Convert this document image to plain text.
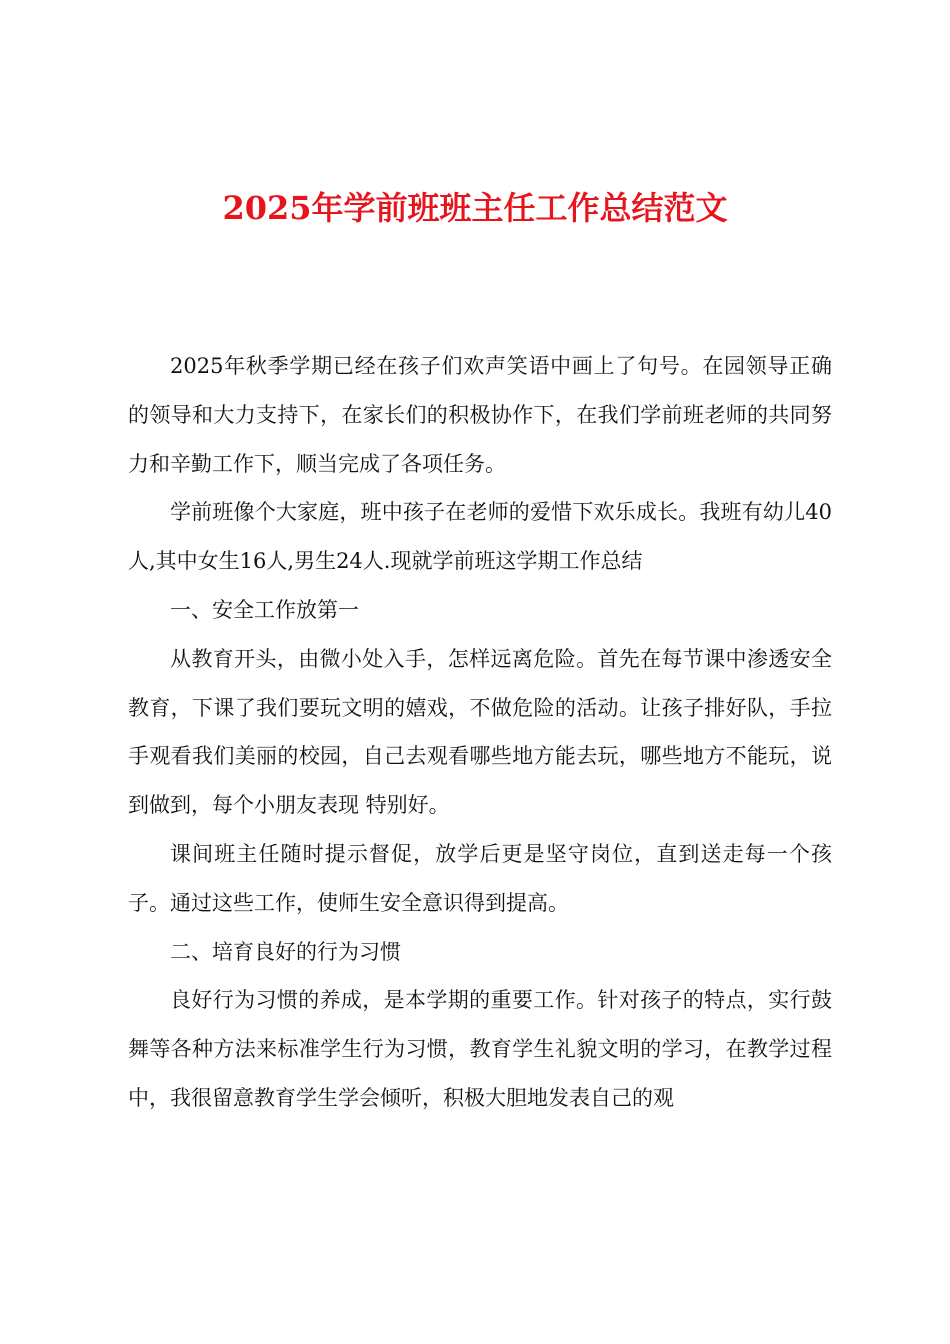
2025年学前班班主任工作总结范文

2025年秋季学期已经在孩子们欢声笑语中画上了句号。在园领导正确的领导和大力支持下，在家长们的积极协作下，在我们学前班老师的共同努力和辛勤工作下，顺当完成了各项任务。

学前班像个大家庭，班中孩子在老师的爱惜下欢乐成长。我班有幼儿40人,其中女生16人,男生24人.现就学前班这学期工作总结

一、安全工作放第一

从教育开头，由微小处入手，怎样远离危险。首先在每节课中渗透安全教育，下课了我们要玩文明的嬉戏，不做危险的活动。让孩子排好队，手拉手观看我们美丽的校园，自己去观看哪些地方能去玩，哪些地方不能玩，说到做到，每个小朋友表现 特别好。

课间班主任随时提示督促，放学后更是坚守岗位，直到送走每一个孩子。通过这些工作，使师生安全意识得到提高。

二、培育良好的行为习惯

良好行为习惯的养成，是本学期的重要工作。针对孩子的特点，实行鼓舞等各种方法来标准学生行为习惯，教育学生礼貌文明的学习，在教学过程中，我很留意教育学生学会倾听，积极大胆地发表自己的观
